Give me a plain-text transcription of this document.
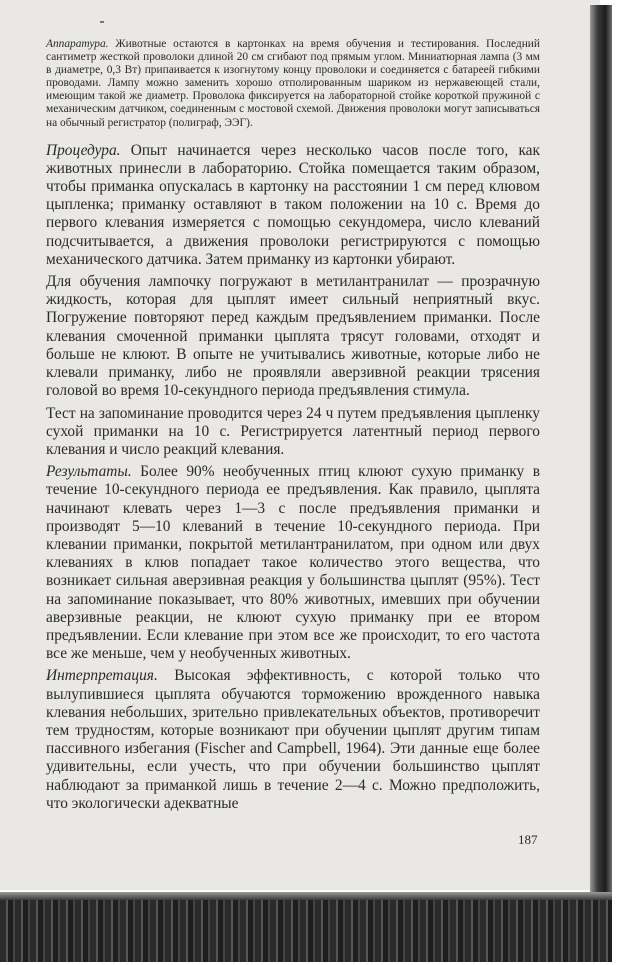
Аппаратура. Животные остаются в картонках на время обучения и тестирования. Последний сантиметр жесткой проволоки длиной 20 см сгибают под прямым углом. Миниатюрная лампа (3 мм в диаметре, 0,3 Вт) припаивается к изогнутому концу проволоки и соединяется с батареей гибкими проводами. Лампу можно заменить хорошо отполированным шариком из нержавеющей стали, имеющим такой же диаметр. Проволока фиксируется на лабораторной стойке короткой пружиной с механическим датчиком, соединенным с мостовой схемой. Движения проволоки могут записываться на обычный регистратор (полиграф, ЭЭГ).

Процедура. Опыт начинается через несколько часов после того, как животных принесли в лабораторию. Стойка помещается таким образом, чтобы приманка опускалась в картонку на расстоянии 1 см перед клювом цыпленка; приманку оставляют в таком положении на 10 с. Время до первого клевания измеряется с помощью секундомера, число клеваний подсчитывается, а движения проволоки регистрируются с помощью механического датчика. Затем приманку из картонки убирают.

Для обучения лампочку погружают в метилантранилат — прозрачную жидкость, которая для цыплят имеет сильный неприятный вкус. Погружение повторяют перед каждым предъявлением приманки. После клевания смоченной приманки цыплята трясут головами, отходят и больше не клюют. В опыте не учитывались животные, которые либо не клевали приманку, либо не проявляли аверзивной реакции трясения головой во время 10-секундного периода предъявления стимула.

Тест на запоминание проводится через 24 ч путем предъявления цыпленку сухой приманки на 10 с. Регистрируется латентный период первого клевания и число реакций клевания.

Результаты. Более 90% необученных птиц клюют сухую приманку в течение 10-секундного периода ее предъявления. Как правило, цыплята начинают клевать через 1—3 с после предъявления приманки и производят 5—10 клеваний в течение 10-секундного периода. При клевании приманки, покрытой метилантранилатом, при одном или двух клеваниях в клюв попадает такое количество этого вещества, что возникает сильная аверзивная реакция у большинства цыплят (95%). Тест на запоминание показывает, что 80% животных, имевших при обучении аверзивные реакции, не клюют сухую приманку при ее втором предъявлении. Если клевание при этом все же происходит, то его частота все же меньше, чем у необученных животных.

Интерпретация. Высокая эффективность, с которой только что вылупившиеся цыплята обучаются торможению врожденного навыка клевания небольших, зрительно привлекательных объектов, противоречит тем трудностям, которые возникают при обучении цыплят другим типам пассивного избегания (Fischer and Campbell, 1964). Эти данные еще более удивительны, если учесть, что при обучении большинство цыплят наблюдают за приманкой лишь в течение 2—4 с. Можно предположить, что экологически адекватные

187
